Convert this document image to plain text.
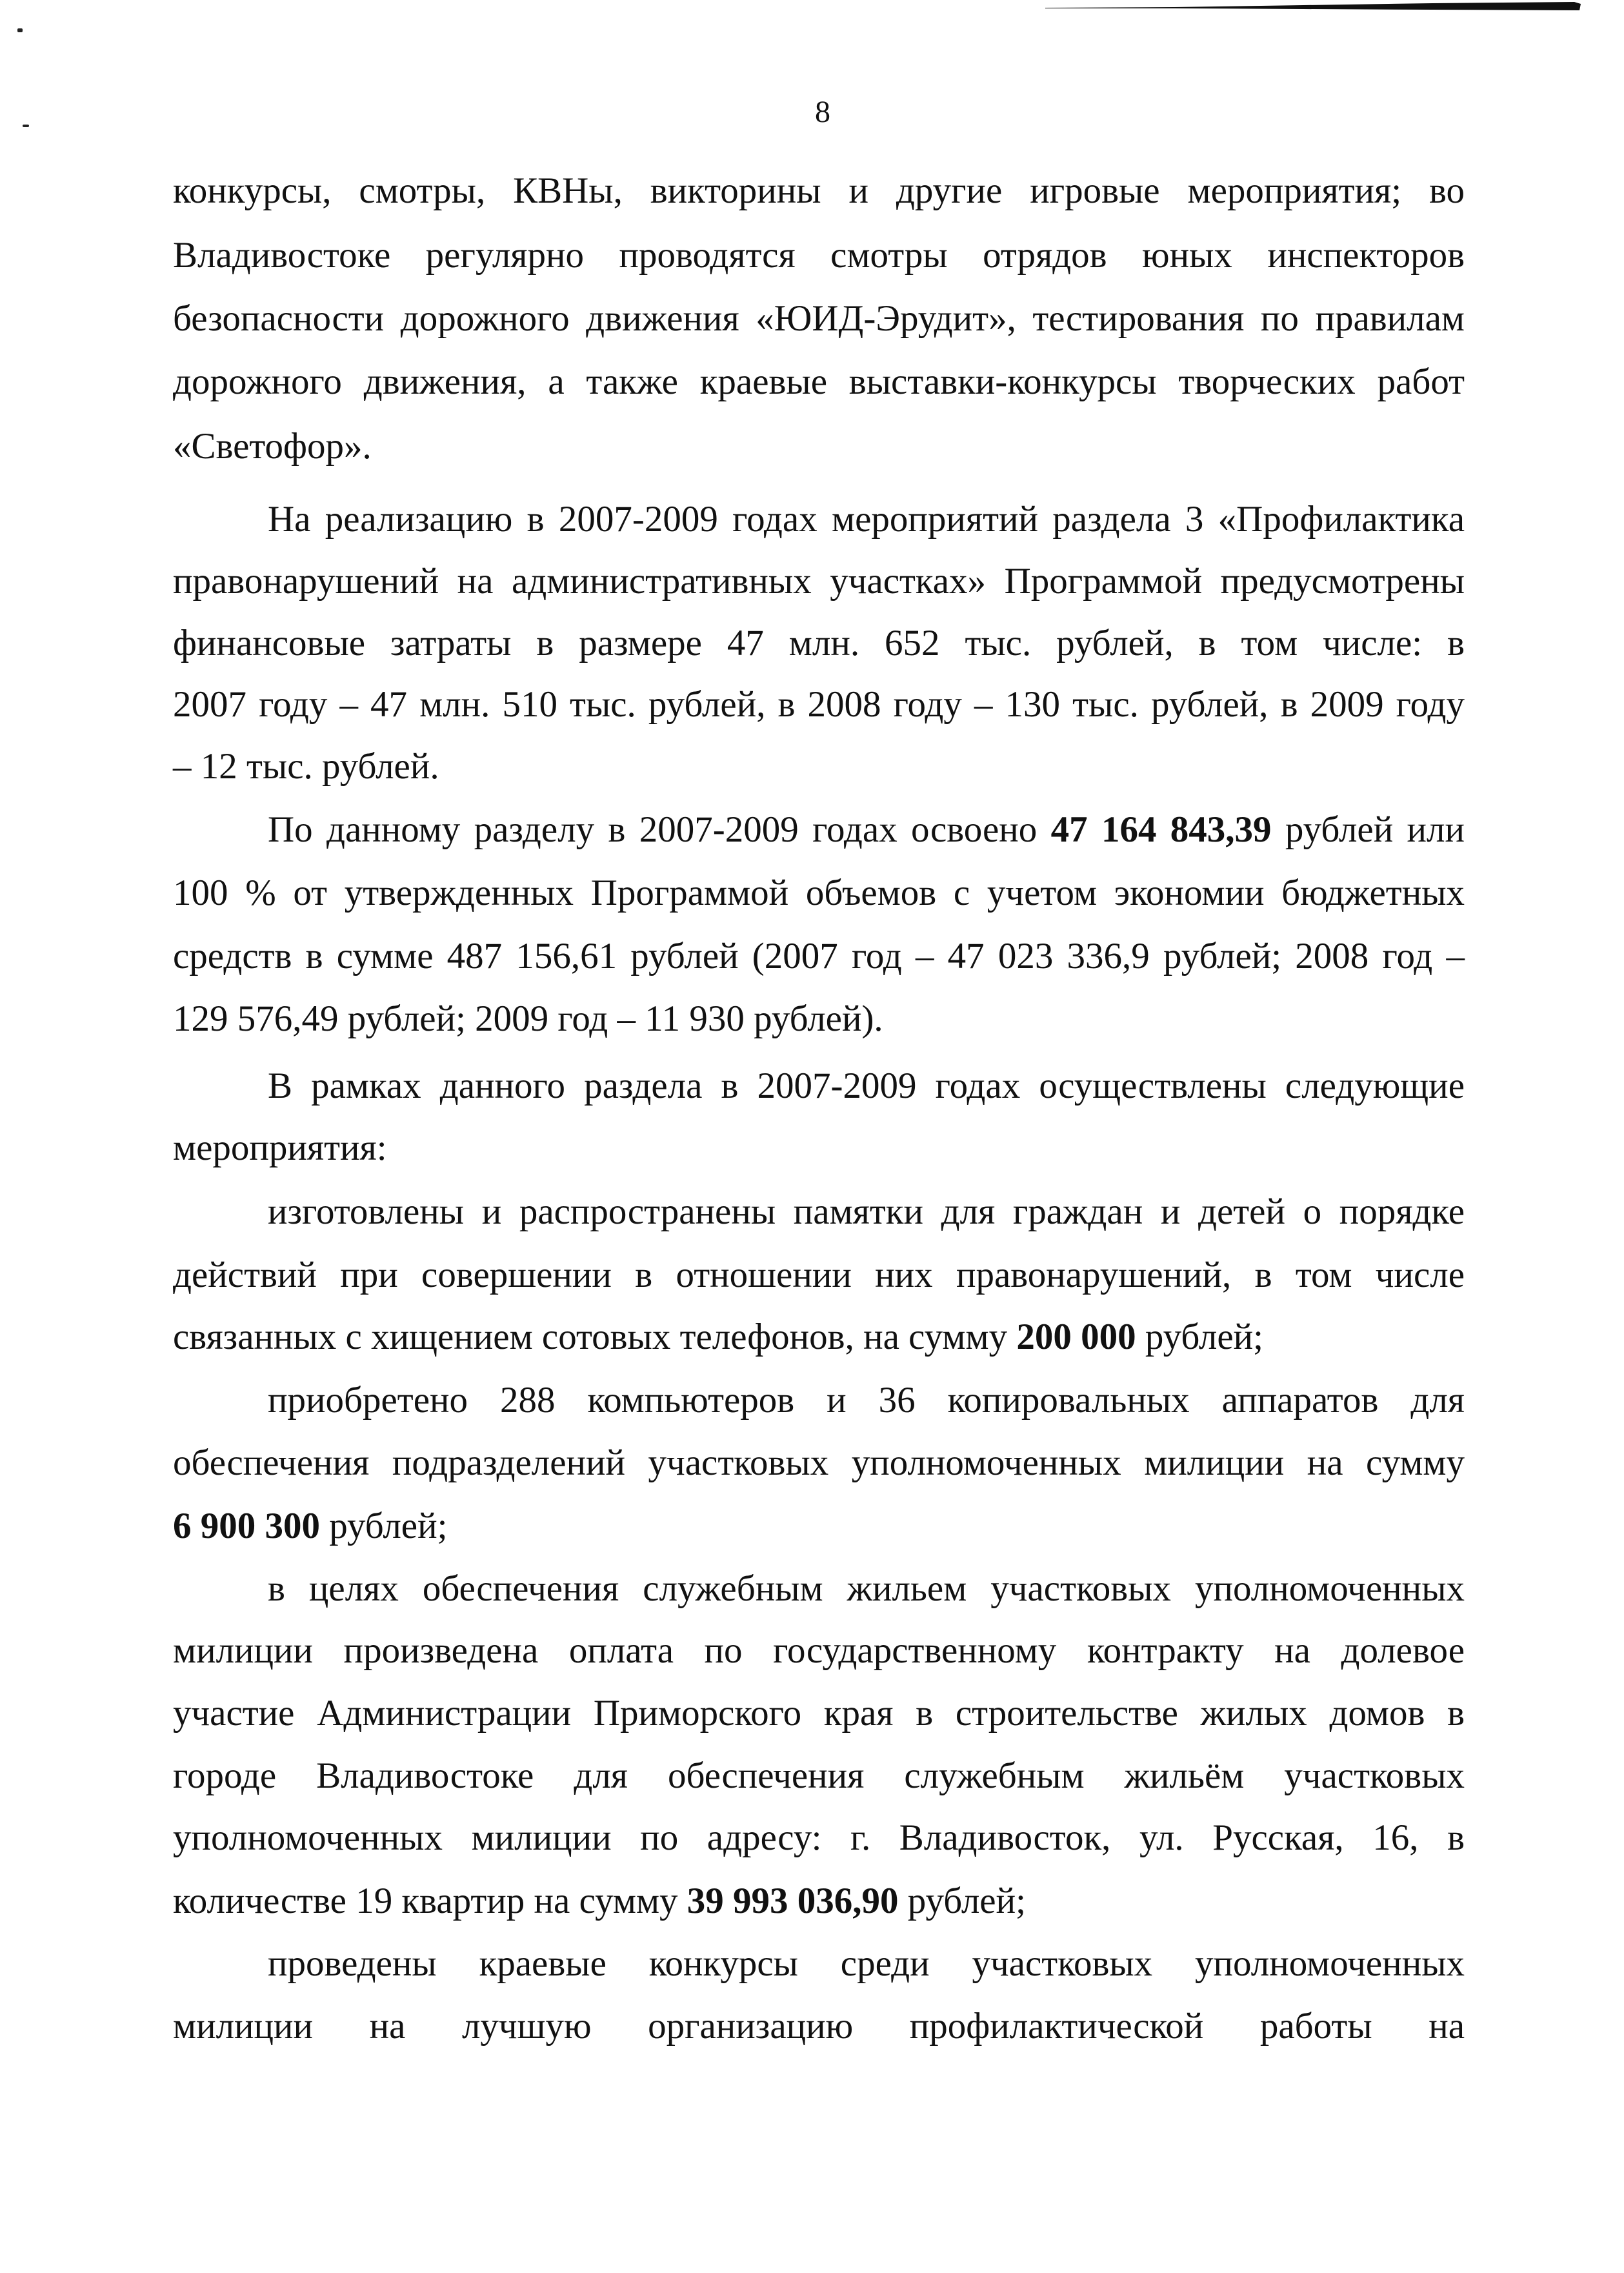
8
конкурсы, смотры, КВНы, викторины и другие игровые мероприятия; во
Владивостоке регулярно проводятся смотры отрядов юных инспекторов
безопасности дорожного движения «ЮИД-Эрудит», тестирования по правилам
дорожного движения, а также краевые выставки-конкурсы творческих работ
«Светофор».
На реализацию в 2007-2009 годах мероприятий раздела 3 «Профилактика
правонарушений на административных участках» Программой предусмотрены
финансовые затраты в размере 47 млн. 652 тыс. рублей, в том числе: в
2007 году – 47 млн. 510 тыс. рублей, в 2008 году – 130 тыс. рублей, в 2009 году
– 12 тыс. рублей.
По данному разделу в 2007-2009 годах освоено 47 164 843,39 рублей или
100 % от утвержденных Программой объемов с учетом экономии бюджетных
средств в сумме 487 156,61 рублей (2007 год – 47 023 336,9 рублей; 2008 год –
129 576,49 рублей; 2009 год – 11 930 рублей).
В рамках данного раздела в 2007-2009 годах осуществлены следующие
мероприятия:
изготовлены и распространены памятки для граждан и детей о порядке
действий при совершении в отношении них правонарушений, в том числе
связанных с хищением сотовых телефонов, на сумму 200 000 рублей;
приобретено 288 компьютеров и 36 копировальных аппаратов для
обеспечения подразделений участковых уполномоченных милиции на сумму
6 900 300 рублей;
в целях обеспечения служебным жильем участковых уполномоченных
милиции произведена оплата по государственному контракту на долевое
участие Администрации Приморского края в строительстве жилых домов в
городе Владивостоке для обеспечения служебным жильём участковых
уполномоченных милиции по адресу: г. Владивосток, ул. Русская, 16, в
количестве 19 квартир на сумму 39 993 036,90 рублей;
проведены краевые конкурсы среди участковых уполномоченных
милиции на лучшую организацию профилактической работы на
